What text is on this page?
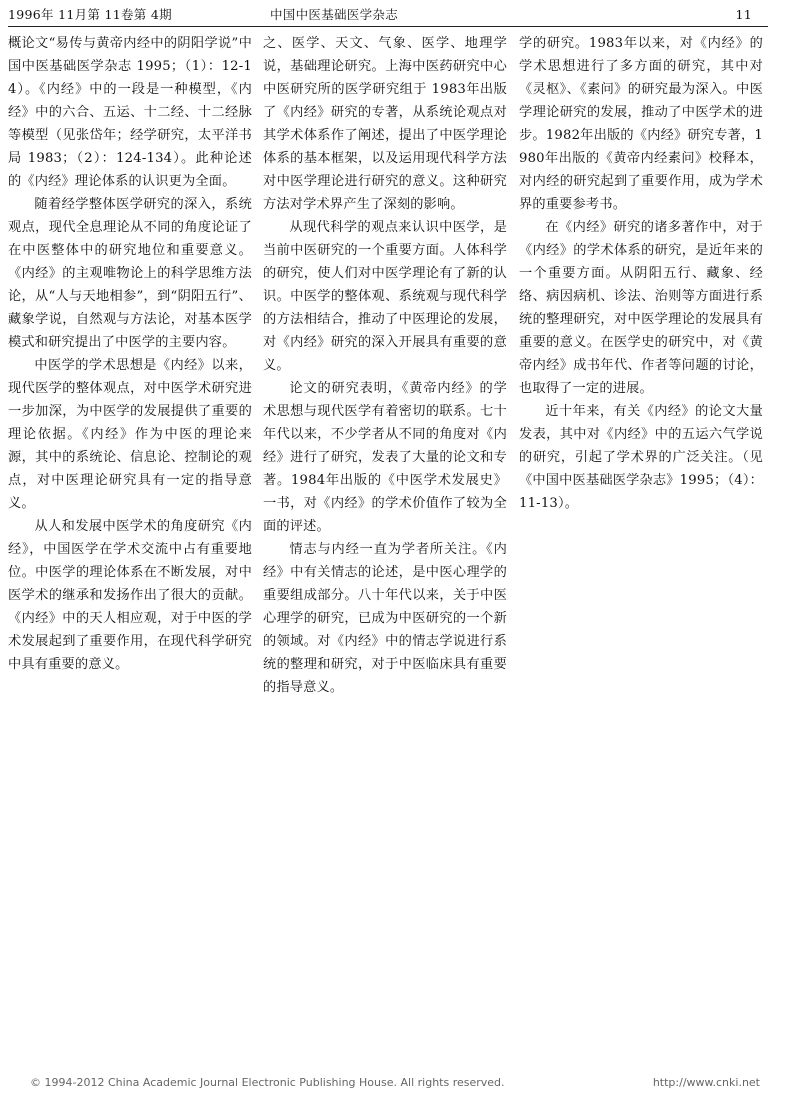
1996年 11月第 11卷第 4期	中国中医基础医学杂志	11

概论文“易传与黄帝内经中的阴阳学说”中国中医基础医学杂志 1995；（1）：12-14）。《内经》中的一段是一种模型，《内经》中的六合、五运、十二经、十二经脉等模型（见张岱年；经学研究，太平洋书局 1983；（2）：124-134）。此种论述的《内经》理论体系的认识更为全面。

随着经学整体医学研究的深入，系统观点，现代全息理论从不同的角度论证了在中医整体中的研究地位和重要意义。《内经》的主观唯物论上的科学思维方法论，从“人与天地相参”，到“阴阳五行”、藏象学说，自然观与方法论，对基本医学模式和研究提出了中医学的主要内容。

中医学的学术思想是《内经》以来，现代医学的整体观点，对中医学术研究进一步加深，为中医学的发展提供了重要的理论依据。《内经》作为中医的理论来源，其中的系统论、信息论、控制论的观点，对中医理论研究具有一定的指导意义。

从人和发展中医学术的角度研究《内经》，中国医学在学术交流中占有重要地位。中医学的理论体系在不断发展，对中医学术的继承和发扬作出了很大的贡献。《内经》中的天人相应观，对于中医的学术发展起到了重要作用，在现代科学研究中具有重要的意义。

之、医学、天文、气象、医学、地理学说，基础理论研究。上海中医药研究中心中医研究所的医学研究组于 1983年出版了《内经》研究的专著，从系统论观点对其学术体系作了阐述，提出了中医学理论体系的基本框架，以及运用现代科学方法对中医学理论进行研究的意义。这种研究方法对学术界产生了深刻的影响。

从现代科学的观点来认识中医学，是当前中医研究的一个重要方面。人体科学的研究，使人们对中医学理论有了新的认识。中医学的整体观、系统观与现代科学的方法相结合，推动了中医理论的发展，对《内经》研究的深入开展具有重要的意义。

论文的研究表明，《黄帝内经》的学术思想与现代医学有着密切的联系。七十年代以来，不少学者从不同的角度对《内经》进行了研究，发表了大量的论文和专著。1984年出版的《中医学术发展史》一书，对《内经》的学术价值作了较为全面的评述。

情志与内经一直为学者所关注。《内经》中有关情志的论述，是中医心理学的重要组成部分。八十年代以来，关于中医心理学的研究，已成为中医研究的一个新的领域。对《内经》中的情志学说进行系统的整理和研究，对于中医临床具有重要的指导意义。

学的研究。1983年以来，对《内经》的学术思想进行了多方面的研究，其中对《灵枢》、《素问》的研究最为深入。中医学理论研究的发展，推动了中医学术的进步。1982年出版的《内经》研究专著，1980年出版的《黄帝内经素问》校释本，对内经的研究起到了重要作用，成为学术界的重要参考书。

在《内经》研究的诸多著作中，对于《内经》的学术体系的研究，是近年来的一个重要方面。从阴阳五行、藏象、经络、病因病机、诊法、治则等方面进行系统的整理研究，对中医学理论的发展具有重要的意义。在医学史的研究中，对《黄帝内经》成书年代、作者等问题的讨论，也取得了一定的进展。

近十年来，有关《内经》的论文大量发表，其中对《内经》中的五运六气学说的研究，引起了学术界的广泛关注。（见《中国中医基础医学杂志》1995；（4）：11-13）。

© 1994-2012 China Academic Journal Electronic Publishing House. All rights reserved.	http://www.cnki.net
